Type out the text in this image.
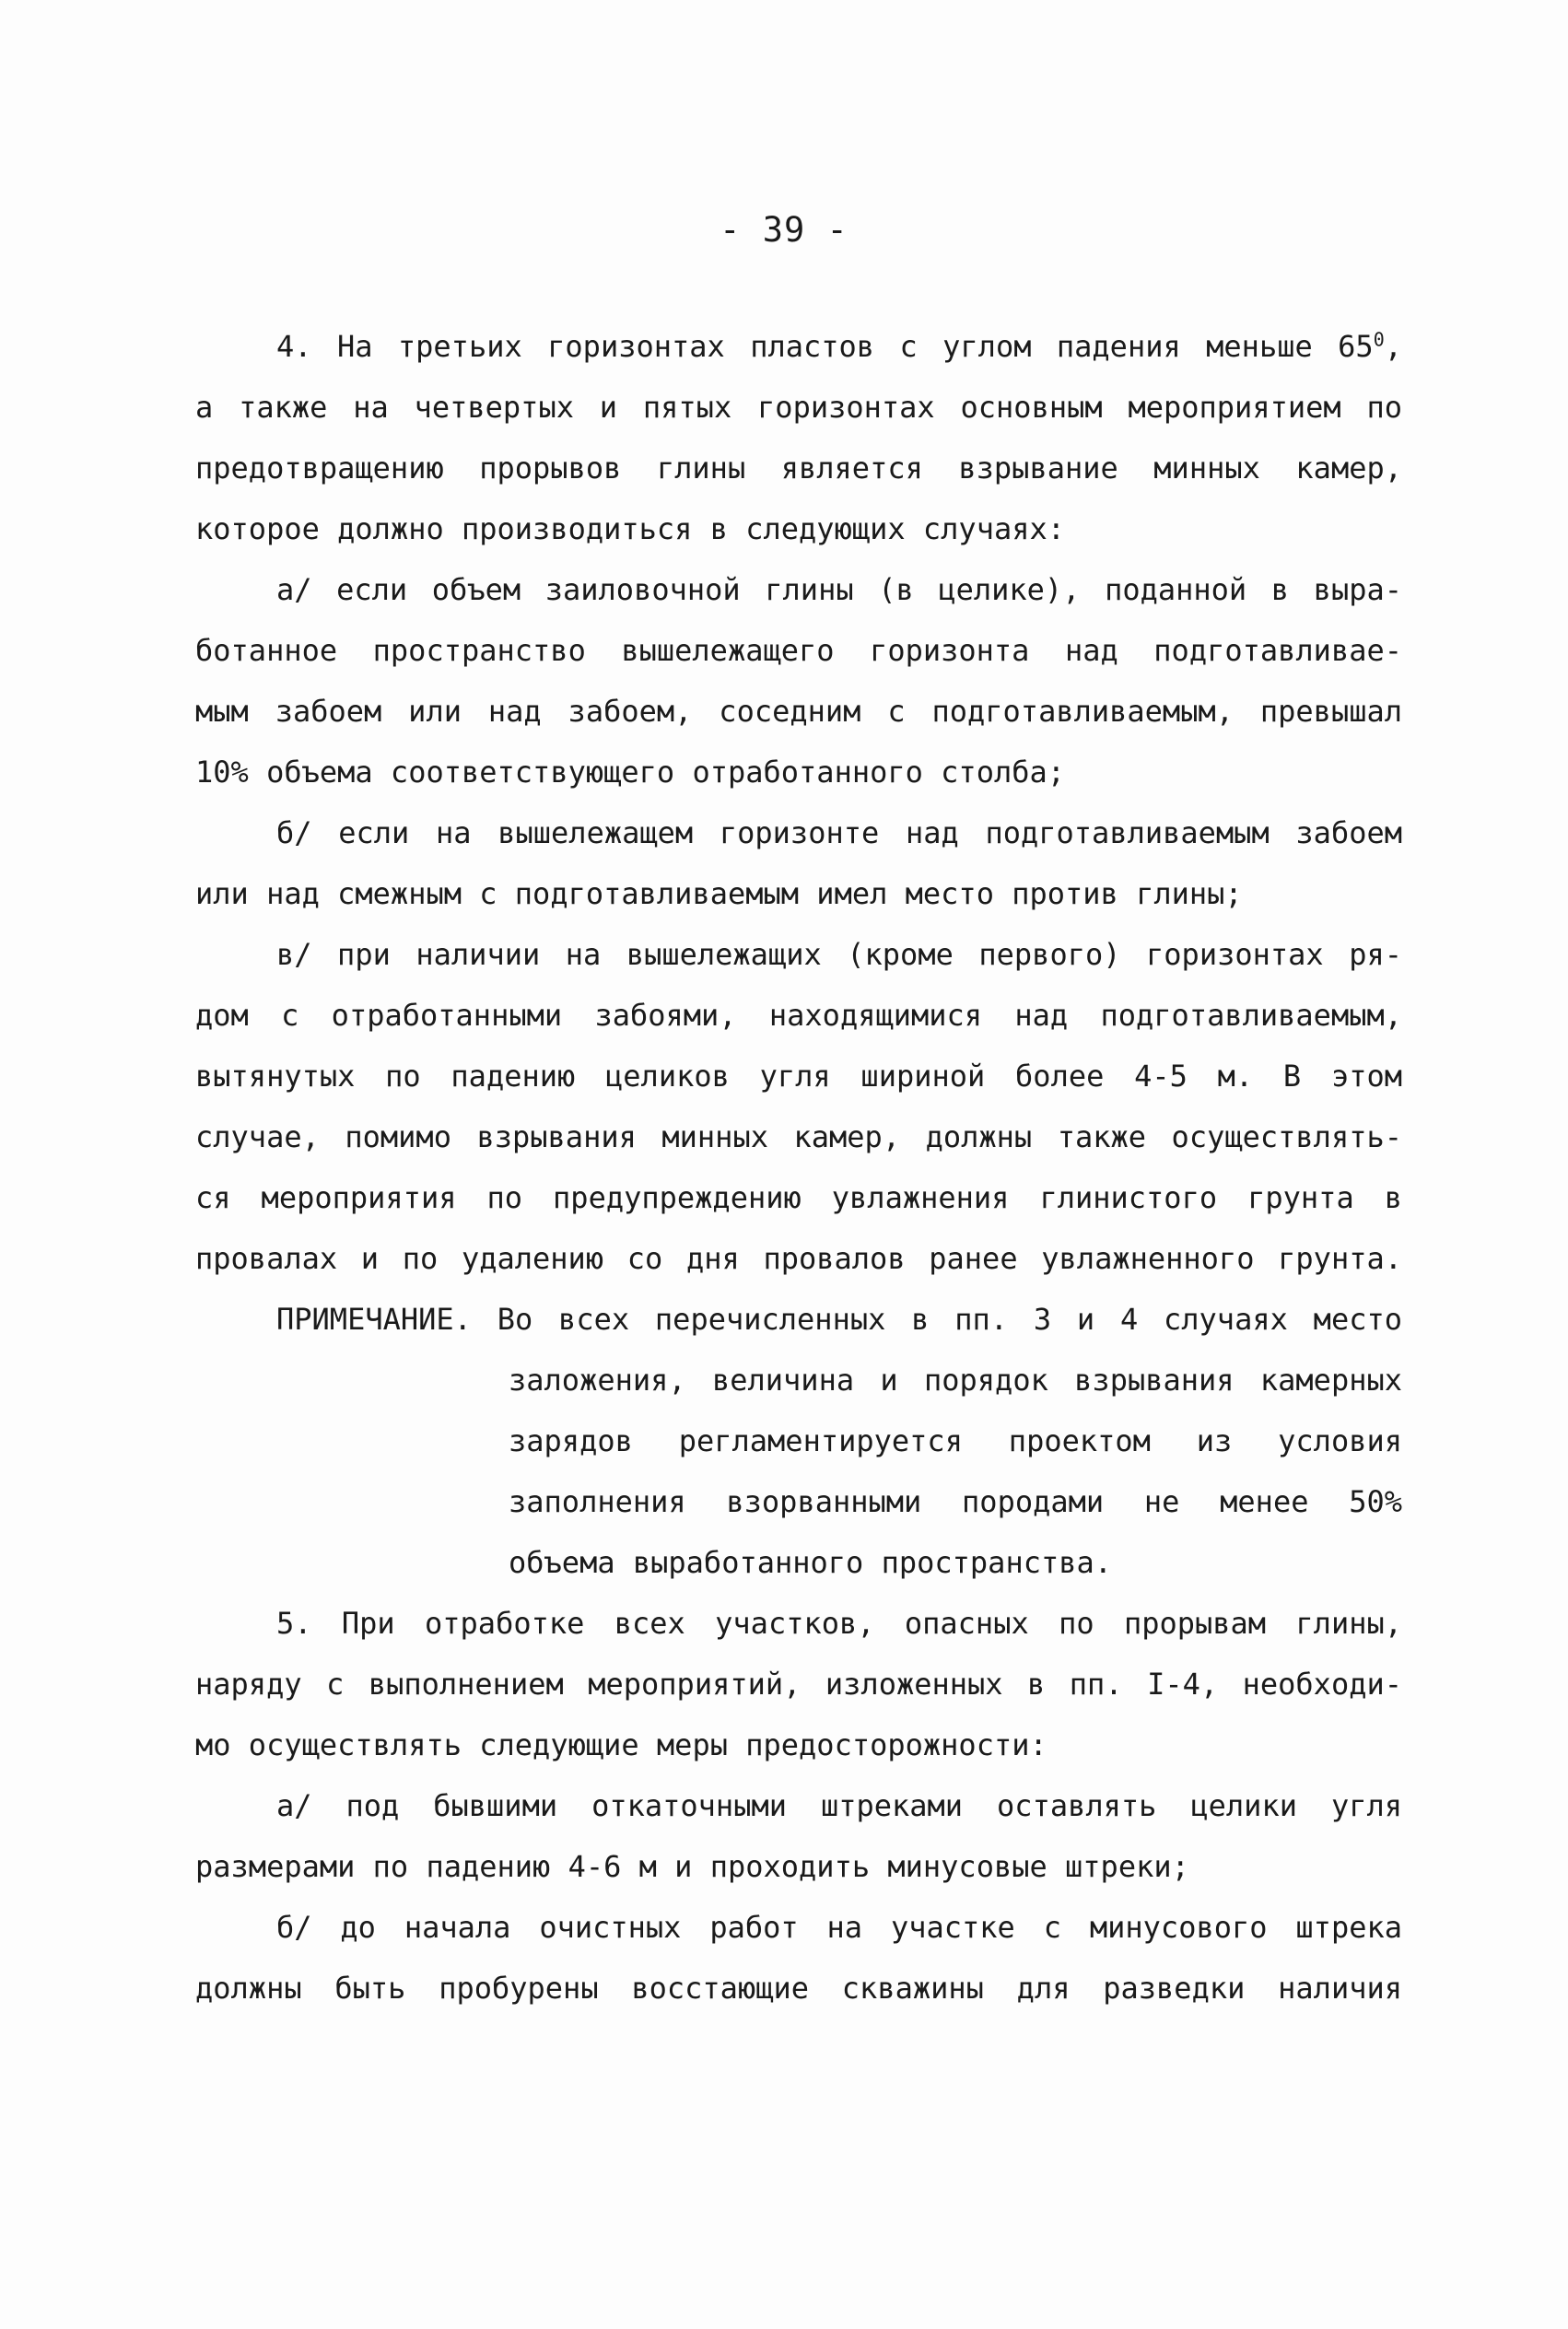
- 39 -
4. На третьих горизонтах пластов с углом падения меньше $65^0$,
а также на четвертых и пятых горизонтах основным мероприятием по
предотвращению прорывов глины является взрывание минных камер,
которое должно производиться в следующих случаях:
а/ если объем заиловочной глины (в целике), поданной в выра-
ботанное пространство вышележащего горизонта над подготавливае-
мым забоем или над забоем, соседним с подготавливаемым, превышал
10% объема соответствующего отработанного столба;
б/ если на вышележащем горизонте над подготавливаемым забоем
или над смежным с подготавливаемым имел место против глины;
в/ при наличии на вышележащих (кроме первого) горизонтах ря-
дом с отработанными забоями, находящимися над подготавливаемым,
вытянутых по падению целиков угля шириной более 4-5 м. В этом
случае, помимо взрывания минных камер, должны также осуществлять-
ся мероприятия по предупреждению увлажнения глинистого грунта в
провалах и по удалению со дня провалов ранее увлажненного грунта.
ПРИМЕЧАНИЕ. Во всех перечисленных в пп. 3 и 4 случаях место
заложения, величина и порядок взрывания камерных
зарядов регламентируется проектом из условия
заполнения взорванными породами не менее 50%
объема выработанного пространства.
5. При отработке всех участков, опасных по прорывам глины,
наряду с выполнением мероприятий, изложенных в пп. I-4, необходи-
мо осуществлять следующие меры предосторожности:
а/ под бывшими откаточными штреками оставлять целики угля
размерами по падению 4-6 м и проходить минусовые штреки;
б/ до начала очистных работ на участке с минусового штрека
должны быть пробурены восстающие скважины для разведки наличия
